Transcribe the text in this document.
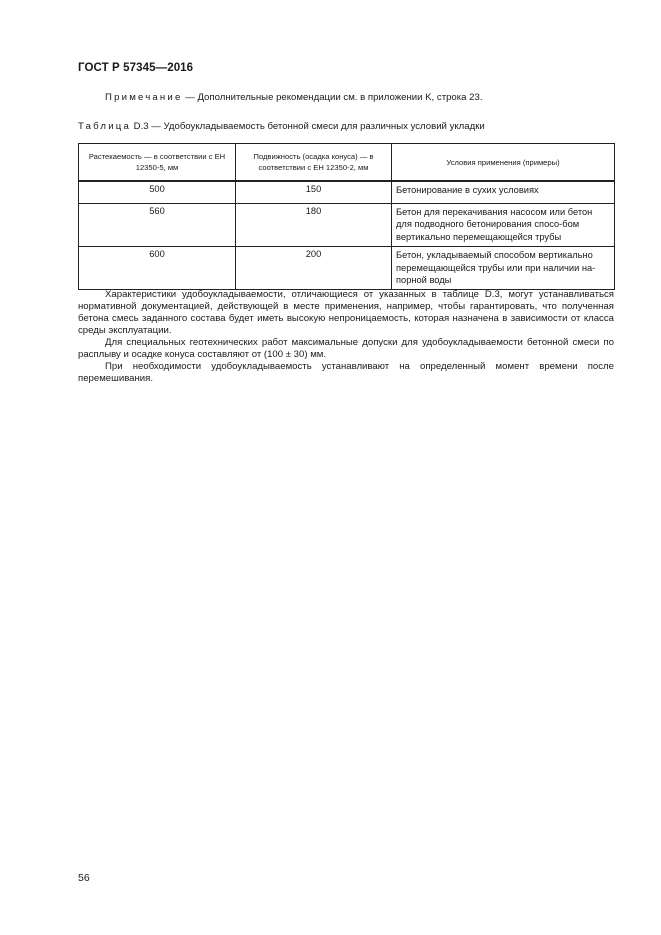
ГОСТ Р 57345—2016
Примечание — Дополнительные рекомендации см. в приложении K, строка 23.
Таблица D.3 — Удобоукладываемость бетонной смеси для различных условий укладки
Растекаемость — в соответствии с ЕН 12350-5, мм	Подвижность (осадка конуса) — в соответствии с ЕН 12350-2, мм	Условия применения (примеры)
500	150	Бетонирование в сухих условиях
560	180	Бетон для перекачивания насосом или бетон для подводного бетонирования спосо-бом вертикально перемещающейся трубы
600	200	Бетон, укладываемый способом вертикально перемещающейся трубы или при наличии на-порной воды
Характеристики удобоукладываемости, отличающиеся от указанных в таблице D.3, могут устанавливаться нормативной документацией, действующей в месте применения, например, чтобы гарантировать, что полученная бетона смесь заданного состава будет иметь высокую непроницаемость, которая назначена в зависимости от класса среды эксплуатации.
Для специальных геотехнических работ максимальные допуски для удобоукладываемости бетонной смеси по расплыву и осадке конуса составляют от (100 ± 30) мм.
При необходимости удобоукладываемость устанавливают на определенный момент времени после перемешивания.
56
